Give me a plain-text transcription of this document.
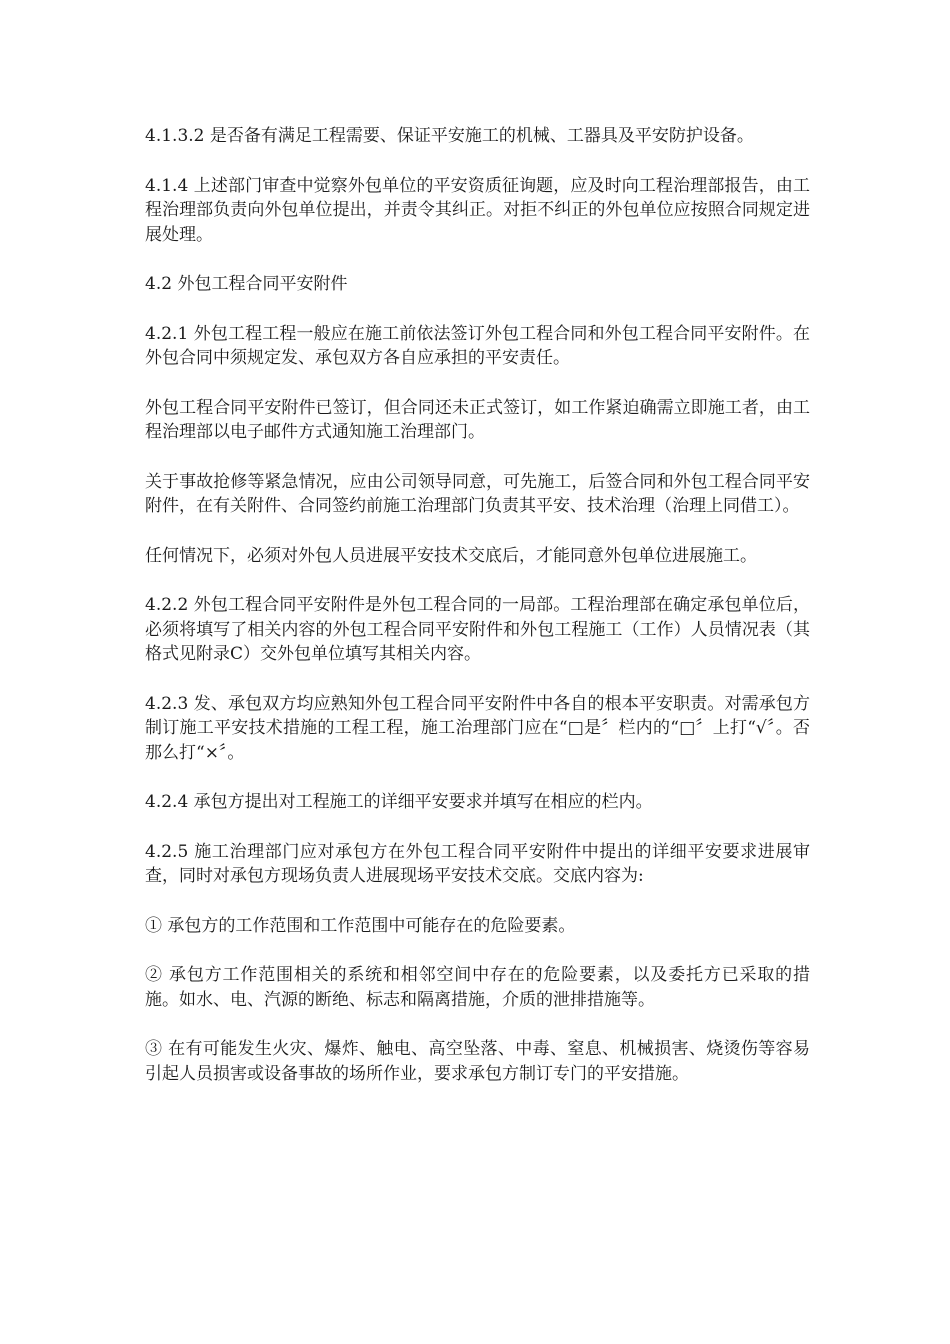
4.1.3.2 是否备有满足工程需要、保证平安施工的机械、工器具及平安防护设备。

4.1.4 上述部门审查中觉察外包单位的平安资质征询题，应及时向工程治理部报告，由工程治理部负责向外包单位提出，并责令其纠正。对拒不纠正的外包单位应按照合同规定进展处理。

4.2 外包工程合同平安附件

4.2.1 外包工程工程一般应在施工前依法签订外包工程合同和外包工程合同平安附件。在外包合同中须规定发、承包双方各自应承担的平安责任。

外包工程合同平安附件已签订，但合同还未正式签订，如工作紧迫确需立即施工者，由工程治理部以电子邮件方式通知施工治理部门。

关于事故抢修等紧急情况，应由公司领导同意，可先施工，后签合同和外包工程合同平安附件，在有关附件、合同签约前施工治理部门负责其平安、技术治理（治理上同借工）。

任何情况下，必须对外包人员进展平安技术交底后，才能同意外包单位进展施工。

4.2.2 外包工程合同平安附件是外包工程合同的一局部。工程治理部在确定承包单位后，必须将填写了相关内容的外包工程合同平安附件和外包工程施工（工作）人员情况表（其格式见附录C）交外包单位填写其相关内容。

4.2.3 发、承包双方均应熟知外包工程合同平安附件中各自的根本平安职责。对需承包方制订施工平安技术措施的工程工程，施工治理部门应在“□是〞栏内的“□〞上打“√〞。否那么打“×〞。

4.2.4 承包方提出对工程施工的详细平安要求并填写在相应的栏内。

4.2.5 施工治理部门应对承包方在外包工程合同平安附件中提出的详细平安要求进展审查，同时对承包方现场负责人进展现场平安技术交底。交底内容为:

① 承包方的工作范围和工作范围中可能存在的危险要素。

② 承包方工作范围相关的系统和相邻空间中存在的危险要素，以及委托方已采取的措施。如水、电、汽源的断绝、标志和隔离措施，介质的泄排措施等。

③ 在有可能发生火灾、爆炸、触电、高空坠落、中毒、窒息、机械损害、烧烫伤等容易引起人员损害或设备事故的场所作业，要求承包方制订专门的平安措施。
